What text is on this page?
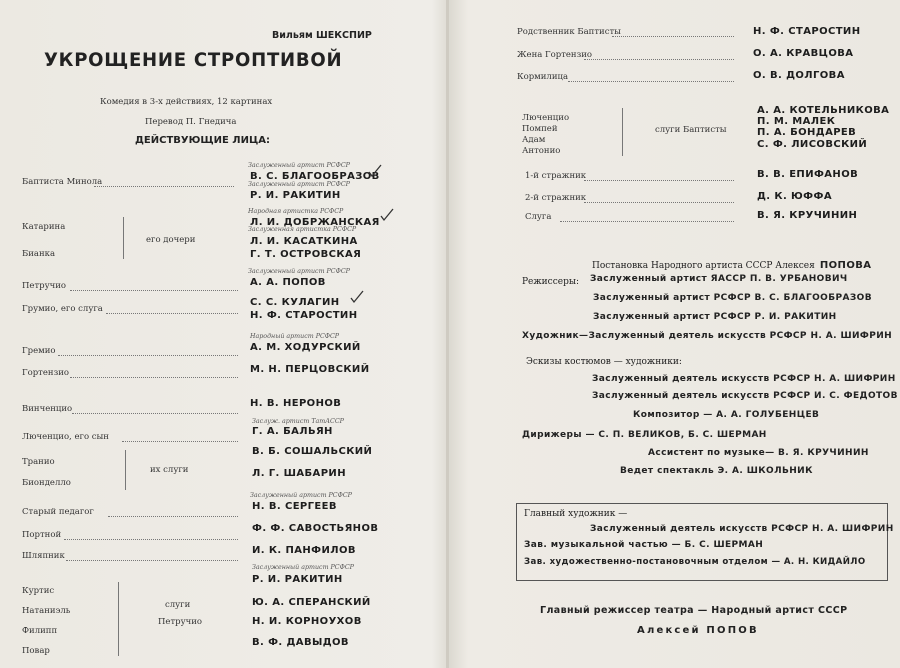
Вильям ШЕКСПИР
УКРОЩЕНИЕ СТРОПТИВОЙ
Комедия в 3-х действиях, 12 картинах
Перевод П. Гнедича
ДЕЙСТВУЮЩИЕ ЛИЦА:
Баптиста Минола
Катарина
Бианка
его дочери
Петручио
Грумио, его слуга
Гремио
Гортензио
Винченцио
Люченцио, его сын
Транио
Бионделло
их слуги
Старый педагог
Портной
Шляпник
Куртис
Натаниэль
Филипп
Повар
слуги
Петручио
Заслуженный артист РСФСР
Заслуженный артист РСФСР
Народная артистка РСФСР
Заслуженная артистка РСФСР
Заслуженный артист РСФСР
Народный артист РСФСР
Заслуж. артист ТатАССР
Заслуженный артист РСФСР
Заслуженный артист РСФСР
В. С. БЛАГООБРАЗОВ
Р. И. РАКИТИН
Л. И. ДОБРЖАНСКАЯ
Л. И. КАСАТКИНА
Г. Т. ОСТРОВСКАЯ
А. А. ПОПОВ
С. С. КУЛАГИН
Н. Ф. СТАРОСТИН
А. М. ХОДУРСКИЙ
М. Н. ПЕРЦОВСКИЙ
Н. В. НЕРОНОВ
Г. А. БАЛЬЯН
В. Б. СОШАЛЬСКИЙ
Л. Г. ШАБАРИН
Н. В. СЕРГЕЕВ
Ф. Ф. САВОСТЬЯНОВ
И. К. ПАНФИЛОВ
Р. И. РАКИТИН
Ю. А. СПЕРАНСКИЙ
Н. И. КОРНОУХОВ
В. Ф. ДАВЫДОВ
Родственник Баптисты
Жена Гортензио
Кормилица
Н. Ф. СТАРОСТИН
О. А. КРАВЦОВА
О. В. ДОЛГОВА
Люченцио
Помпей
Адам
Антонио
слуги Баптисты
А. А. КОТЕЛЬНИКОВА
П. М. МАЛЕК
П. А. БОНДАРЕВ
С. Ф. ЛИСОВСКИЙ
1-й стражник
2-й стражник
Слуга
В. В. ЕПИФАНОВ
Д. К. ЮФФА
В. Я. КРУЧИНИН
Постановка Народного артиста СССР Алексея ПОПОВА
Режиссеры: Заслуженный артист ЯАССР П. В. УРБАНОВИЧ
Заслуженный артист РСФСР В. С. БЛАГООБРАЗОВ
Заслуженный артист РСФСР Р. И. РАКИТИН
Художник—Заслуженный деятель искусств РСФСР Н. А. ШИФРИН
Эскизы костюмов — художники:
Заслуженный деятель искусств РСФСР Н. А. ШИФРИН
Заслуженный деятель искусств РСФСР И. С. ФЕДОТОВ
Композитор — А. А. ГОЛУБЕНЦЕВ
Дирижеры — С. П. ВЕЛИКОВ, Б. С. ШЕРМАН
Ассистент по музыке— В. Я. КРУЧИНИН
Ведет спектакль Э. А. ШКОЛЬНИК
Главный художник —
Заслуженный деятель искусств РСФСР Н. А. ШИФРИН
Зав. музыкальной частью — Б. С. ШЕРМАН
Зав. художественно-постановочным отделом — А. Н. КИДАЙЛО
Главный режиссер театра — Народный артист СССР
Алексей ПОПОВ
